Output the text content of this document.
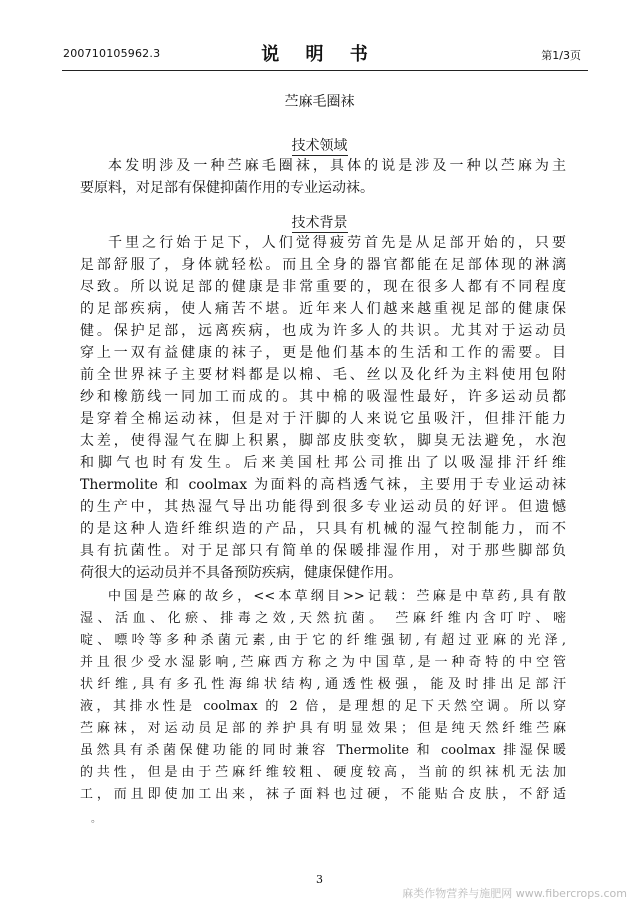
200710105962.3	说 明 书	第1/3页
苎麻毛圈袜
技术领域
本发明涉及一种苎麻毛圈袜，具体的说是涉及一种以苎麻为主
要原料，对足部有保健抑菌作用的专业运动袜。
技术背景
千里之行始于足下，人们觉得疲劳首先是从足部开始的，只要
足部舒服了，身体就轻松。而且全身的器官都能在足部体现的淋漓
尽致。所以说足部的健康是非常重要的，现在很多人都有不同程度
的足部疾病，使人痛苦不堪。近年来人们越来越重视足部的健康保
健。保护足部，远离疾病，也成为许多人的共识。尤其对于运动员
穿上一双有益健康的袜子，更是他们基本的生活和工作的需要。目
前全世界袜子主要材料都是以棉、毛、丝以及化纤为主料使用包附
纱和橡筋线一同加工而成的。其中棉的吸湿性最好，许多运动员都
是穿着全棉运动袜，但是对于汗脚的人来说它虽吸汗，但排汗能力
太差，使得湿气在脚上积累，脚部皮肤变软，脚臭无法避免，水泡
和脚气也时有发生。后来美国杜邦公司推出了以吸湿排汗纤维
Thermolite 和 coolmax 为面料的高档透气袜，主要用于专业运动袜
的生产中，其热湿气导出功能得到很多专业运动员的好评。但遗憾
的是这种人造纤维织造的产品，只具有机械的湿气控制能力，而不
具有抗菌性。对于足部只有简单的保暖排湿作用，对于那些脚部负
荷很大的运动员并不具备预防疾病，健康保健作用。
中国是苎麻的故乡，<<本草纲目>>记载：苎麻是中草药,具有散
湿、活血、化瘀、排毒之效,天然抗菌。 苎麻纤维内含叮咛、嘧
啶、嘌呤等多种杀菌元素,由于它的纤维强韧,有超过亚麻的光泽,
并且很少受水湿影响,苎麻西方称之为中国草,是一种奇特的中空管
状纤维,具有多孔性海绵状结构,通透性极强，能及时排出足部汗
液，其排水性是 coolmax 的 2 倍，是理想的足下天然空调。所以穿
苎麻袜，对运动员足部的养护具有明显效果；但是纯天然纤维苎麻
虽然具有杀菌保健功能的同时兼容 Thermolite 和 coolmax 排湿保暖
的共性，但是由于苎麻纤维较粗、硬度较高，当前的织袜机无法加
工，而且即使加工出来，袜子面料也过硬，不能贴合皮肤，不舒适
。
3
麻类作物营养与施肥网 www.fibercrops.com
